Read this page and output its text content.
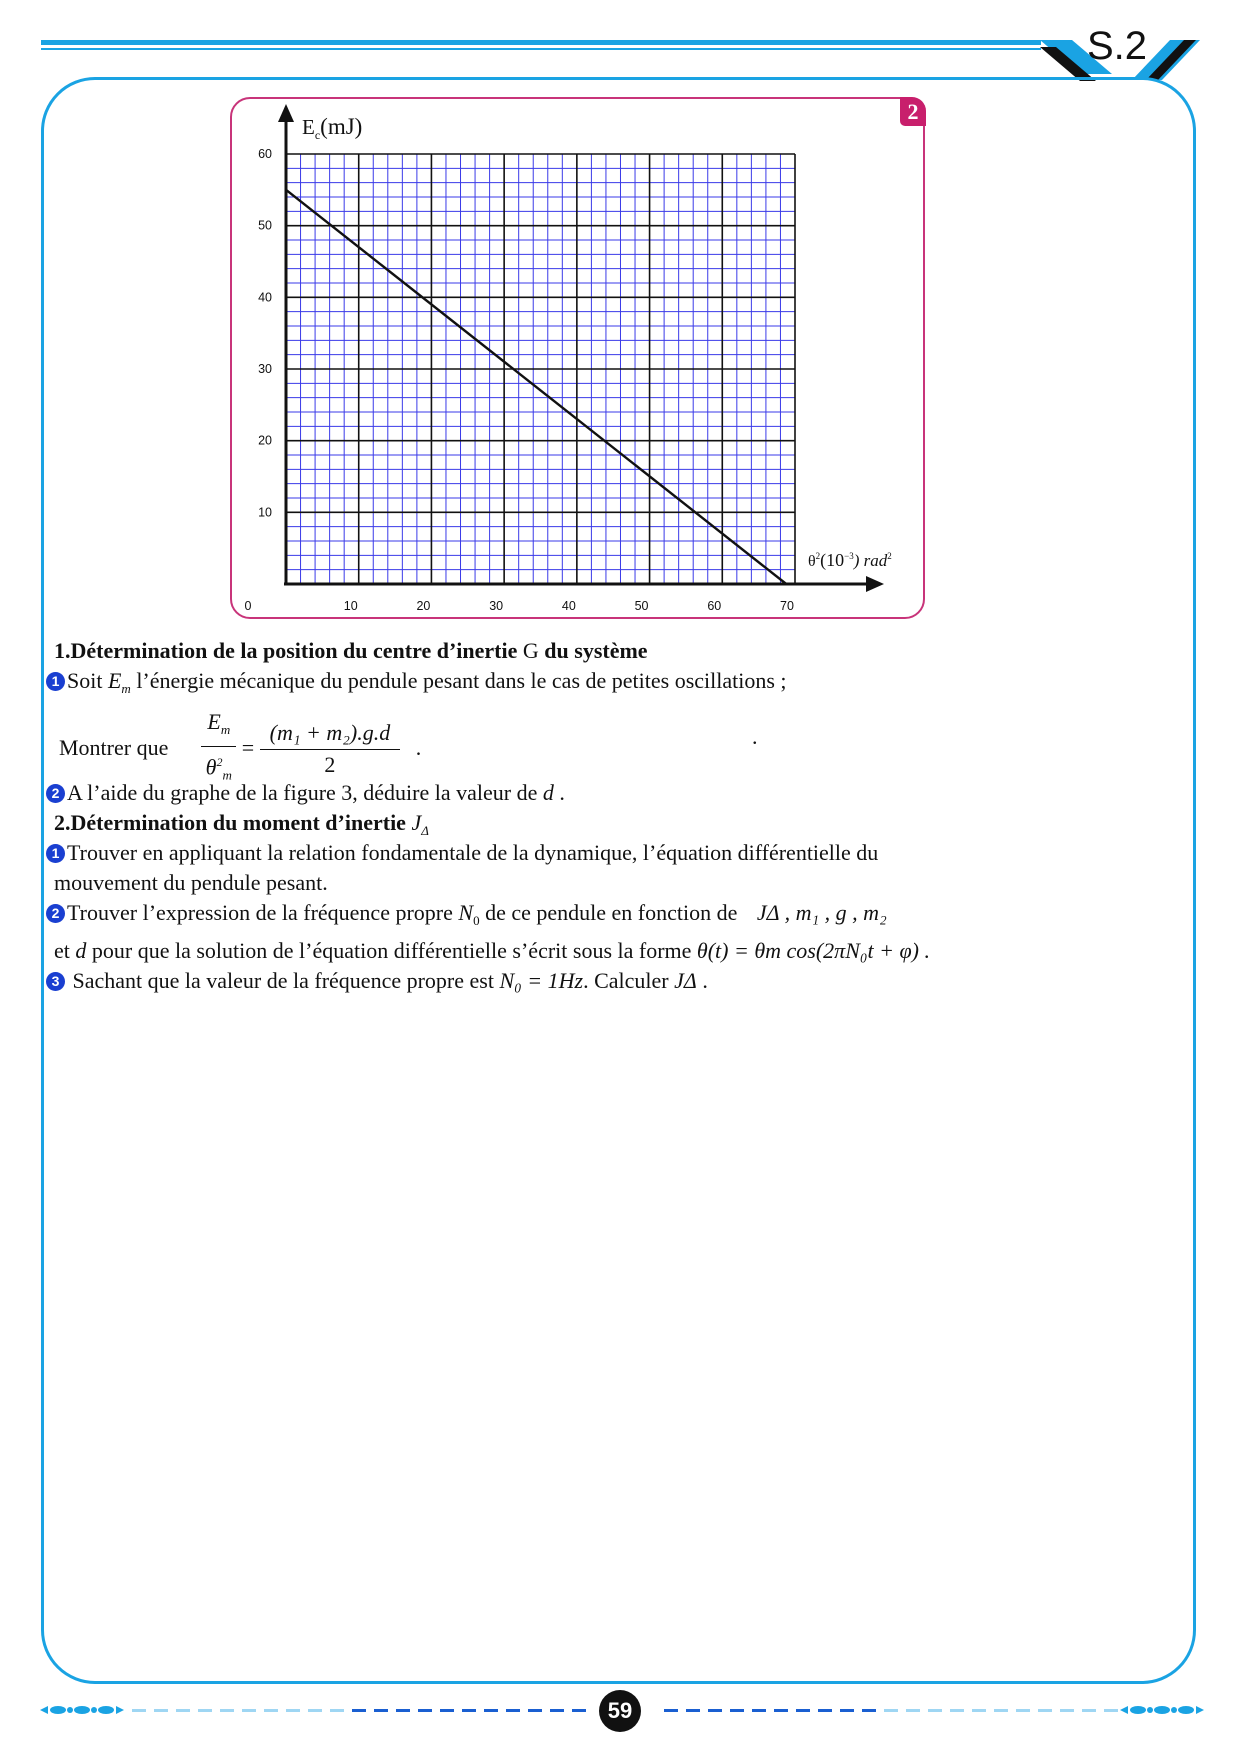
S.2
2
0	10	20	30	40	50	60	70
10
20
30
40
50
60
$E_c(mJ)$
$\theta^2(10^{-3})$ rad$^2$
1.Détermination de la position du centre d’inertie G du système
1 Soit $E_m$ l’énergie mécanique du pendule pesant dans le cas de petites oscillations ;
Montrer que $\frac{E_m}{\theta^2_m} = \frac{\text{(m₁ + m₂).g.d}}{2}$ .	.
2 A l’aide du graphe de la figure 3, déduire la valeur de d .
2.Détermination du moment d’inertie $J_\Delta$
1 Trouver en appliquant la relation fondamentale de la dynamique, l’équation différentielle du
mouvement du pendule pesant.
2 Trouver l’expression de la fréquence propre $N_0$ de ce pendule en fonction de JΔ , m₁ , g , m₂
et d pour que la solution de l’équation différentielle s’écrit sous la forme θ(t) = θm cos(2πN₀t + φ) .
3 Sachant que la valeur de la fréquence propre est N₀ = 1Hz. Calculer JΔ .
59
